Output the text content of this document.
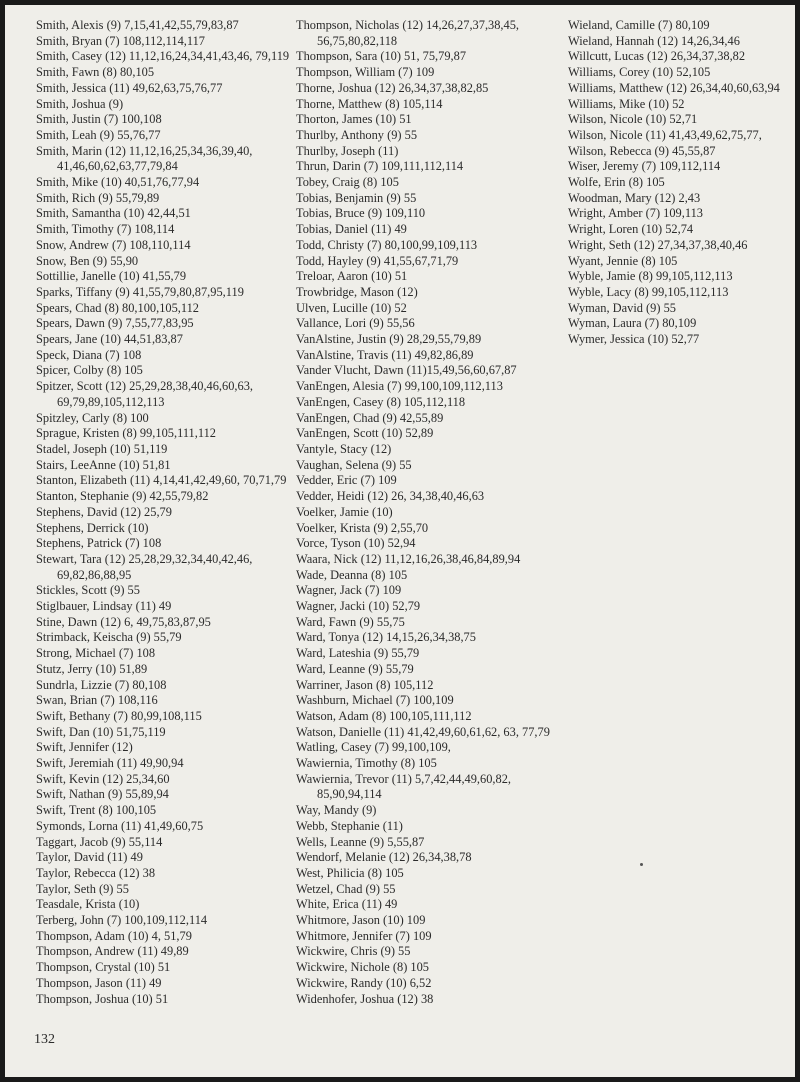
Smith, Alexis (9) 7,15,41,42,55,79,83,87
Smith, Bryan (7) 108,112,114,117
Smith, Casey (12) 11,12,16,24,34,41,43,46, 79,119
Smith, Fawn (8) 80,105
Smith, Jessica (11) 49,62,63,75,76,77
Smith, Joshua (9)
Smith, Justin (7) 100,108
Smith, Leah (9) 55,76,77
Smith, Marin (12) 11,12,16,25,34,36,39,40, 41,46,60,62,63,77,79,84
Smith, Mike (10) 40,51,76,77,94
Smith, Rich (9) 55,79,89
Smith, Samantha (10) 42,44,51
Smith, Timothy (7) 108,114
Snow, Andrew (7) 108,110,114
Snow, Ben (9) 55,90
Sottillie, Janelle (10) 41,55,79
Sparks, Tiffany (9) 41,55,79,80,87,95,119
Spears, Chad (8) 80,100,105,112
Spears, Dawn (9) 7,55,77,83,95
Spears, Jane (10) 44,51,83,87
Speck, Diana (7) 108
Spicer, Colby (8) 105
Spitzer, Scott (12) 25,29,28,38,40,46,60,63, 69,79,89,105,112,113
Spitzley, Carly (8) 100
Sprague, Kristen (8) 99,105,111,112
Stadel, Joseph (10) 51,119
Stairs, LeeAnne (10) 51,81
Stanton, Elizabeth (11) 4,14,41,42,49,60, 70,71,79
Stanton, Stephanie (9) 42,55,79,82
Stephens, David (12) 25,79
Stephens, Derrick (10)
Stephens, Patrick (7) 108
Stewart, Tara (12) 25,28,29,32,34,40,42,46, 69,82,86,88,95
Stickles, Scott (9) 55
Stiglbauer, Lindsay (11) 49
Stine, Dawn (12) 6, 49,75,83,87,95
Strimback, Keischa (9) 55,79
Strong, Michael (7) 108
Stutz, Jerry (10) 51,89
Sundrla, Lizzie (7) 80,108
Swan, Brian (7) 108,116
Swift, Bethany (7) 80,99,108,115
Swift, Dan (10) 51,75,119
Swift, Jennifer (12)
Swift, Jeremiah (11) 49,90,94
Swift, Kevin (12) 25,34,60
Swift, Nathan (9) 55,89,94
Swift, Trent (8) 100,105
Symonds, Lorna (11) 41,49,60,75
Taggart, Jacob (9) 55,114
Taylor, David (11) 49
Taylor, Rebecca (12) 38
Taylor, Seth (9) 55
Teasdale, Krista (10)
Terberg, John (7) 100,109,112,114
Thompson, Adam (10) 4, 51,79
Thompson, Andrew (11) 49,89
Thompson, Crystal (10) 51
Thompson, Jason (11) 49
Thompson, Joshua (10) 51
Thompson, Nicholas (12) 14,26,27,37,38,45, 56,75,80,82,118
Thompson, Sara (10) 51, 75,79,87
Thompson, William (7) 109
Thorne, Joshua (12) 26,34,37,38,82,85
Thorne, Matthew (8) 105,114
Thorton, James (10) 51
Thurlby, Anthony (9) 55
Thurlby, Joseph (11)
Thrun, Darin (7) 109,111,112,114
Tobey, Craig (8) 105
Tobias, Benjamin (9) 55
Tobias, Bruce (9) 109,110
Tobias, Daniel (11) 49
Todd, Christy (7) 80,100,99,109,113
Todd, Hayley (9) 41,55,67,71,79
Treloar, Aaron (10) 51
Trowbridge, Mason (12)
Ulven, Lucille (10) 52
Vallance, Lori (9) 55,56
VanAlstine, Justin (9) 28,29,55,79,89
VanAlstine, Travis (11) 49,82,86,89
Vander Vlucht, Dawn (11)15,49,56,60,67,87
VanEngen, Alesia (7) 99,100,109,112,113
VanEngen, Casey (8) 105,112,118
VanEngen, Chad (9) 42,55,89
VanEngen, Scott (10) 52,89
Vantyle, Stacy (12)
Vaughan, Selena (9) 55
Vedder, Eric (7) 109
Vedder, Heidi (12) 26, 34,38,40,46,63
Voelker, Jamie (10)
Voelker, Krista (9) 2,55,70
Vorce, Tyson (10) 52,94
Waara, Nick (12) 11,12,16,26,38,46,84,89,94
Wade, Deanna (8) 105
Wagner, Jack (7) 109
Wagner, Jacki (10) 52,79
Ward, Fawn (9) 55,75
Ward, Tonya (12) 14,15,26,34,38,75
Ward, Lateshia (9) 55,79
Ward, Leanne (9) 55,79
Warriner, Jason (8) 105,112
Washburn, Michael (7) 100,109
Watson, Adam (8) 100,105,111,112
Watson, Danielle (11) 41,42,49,60,61,62, 63, 77,79
Watling, Casey (7) 99,100,109,
Wawiernia, Timothy (8) 105
Wawiernia, Trevor (11) 5,7,42,44,49,60,82, 85,90,94,114
Way, Mandy (9)
Webb, Stephanie (11)
Wells, Leanne (9) 5,55,87
Wendorf, Melanie (12) 26,34,38,78
West, Philicia (8) 105
Wetzel, Chad (9) 55
White, Erica (11) 49
Whitmore, Jason (10) 109
Whitmore, Jennifer (7) 109
Wickwire, Chris (9) 55
Wickwire, Nichole (8) 105
Wickwire, Randy (10) 6,52
Widenhofer, Joshua (12) 38
Wieland, Camille (7) 80,109
Wieland, Hannah (12) 14,26,34,46
Willcutt, Lucas (12) 26,34,37,38,82
Williams, Corey (10) 52,105
Williams, Matthew (12) 26,34,40,60,63,94
Williams, Mike (10) 52
Wilson, Nicole (10) 52,71
Wilson, Nicole (11) 41,43,49,62,75,77,
Wilson, Rebecca (9) 45,55,87
Wiser, Jeremy (7) 109,112,114
Wolfe, Erin (8) 105
Woodman, Mary (12) 2,43
Wright, Amber (7) 109,113
Wright, Loren (10) 52,74
Wright, Seth (12) 27,34,37,38,40,46
Wyant, Jennie (8) 105
Wyble, Jamie (8) 99,105,112,113
Wyble, Lacy (8) 99,105,112,113
Wyman, David (9) 55
Wyman, Laura (7) 80,109
Wymer, Jessica (10) 52,77
132
